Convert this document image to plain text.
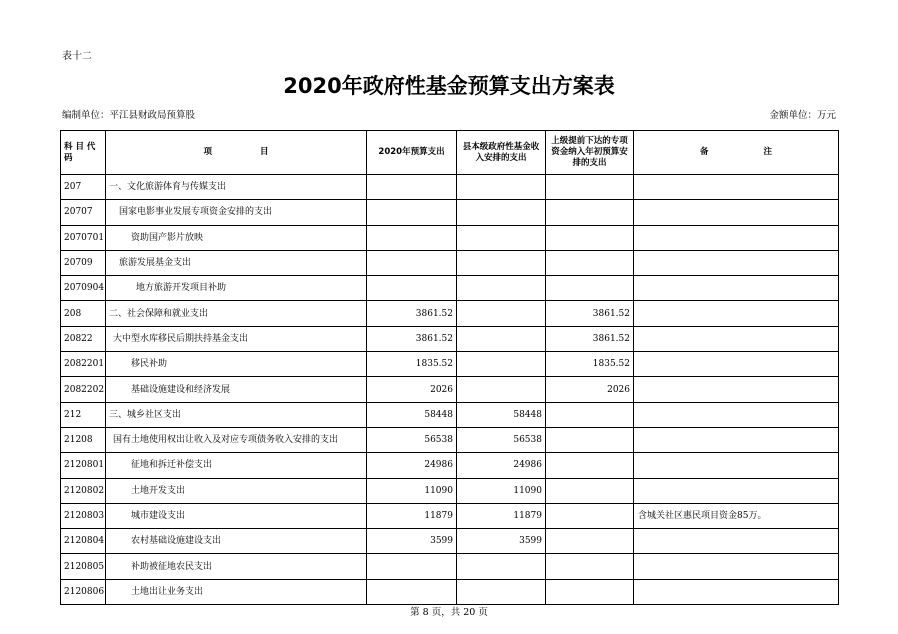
表十二
2020年政府性基金预算支出方案表
编制单位：平江县财政局预算股	金额单位：万元
科 目 代
码	项 目	2020年预算支出	县本级政府性基金收入安排的支出	上级提前下达的专项资金纳入年初预算安排的支出	备 注
207	一、文化旅游体育与传媒支出				
20707	国家电影事业发展专项资金安排的支出				
2070701	资助国产影片放映				
20709	旅游发展基金支出				
2070904	地方旅游开发项目补助				
208	二、社会保障和就业支出	3861.52		3861.52	
20822	大中型水库移民后期扶持基金支出	3861.52		3861.52	
2082201	移民补助	1835.52		1835.52	
2082202	基础设施建设和经济发展	2026		2026	
212	三、城乡社区支出	58448	58448		
21208	国有土地使用权出让收入及对应专项债务收入安排的支出	56538	56538		
2120801	征地和拆迁补偿支出	24986	24986		
2120802	土地开发支出	11090	11090		
2120803	城市建设支出	11879	11879		含城关社区惠民项目资金85万。
2120804	农村基础设施建设支出	3599	3599		
2120805	补助被征地农民支出				
2120806	土地出让业务支出				
第 8 页，共 20 页
